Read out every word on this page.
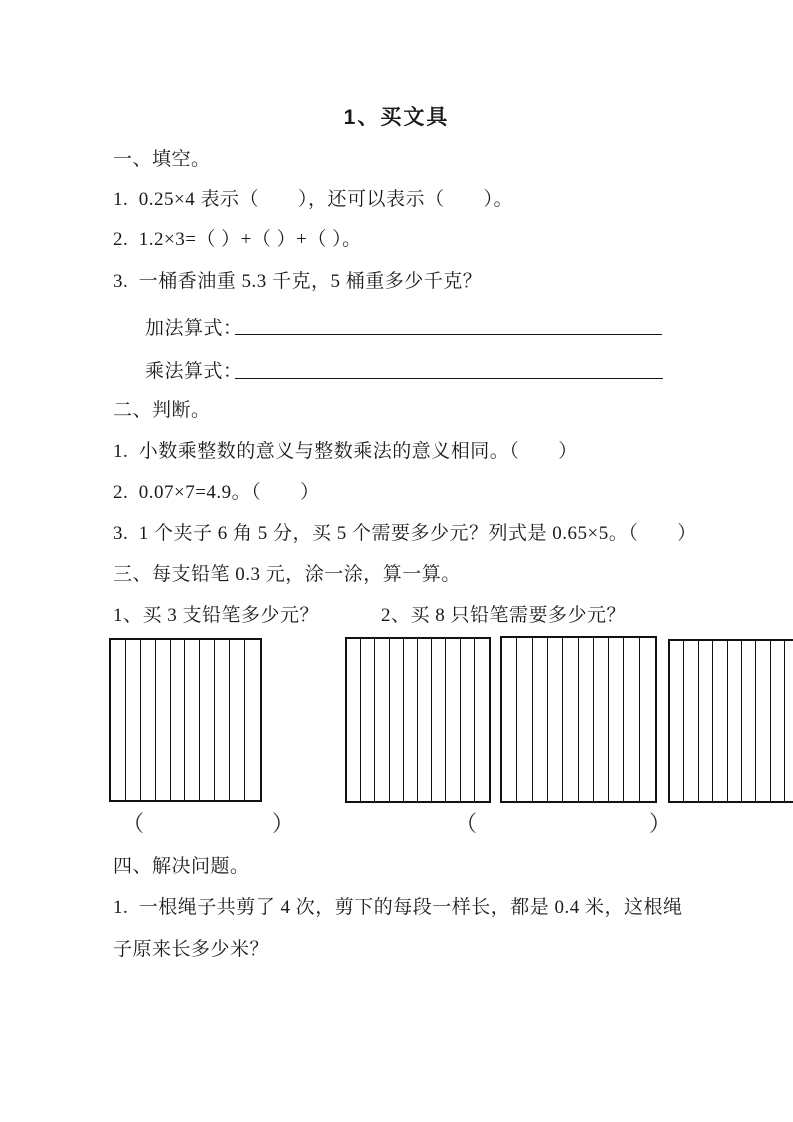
1、买文具
一、填空。
1.  0.25×4 表示（　　），还可以表示（　　）。
2.  1.2×3=（ ）+（ ）+（ ）。
3.  一桶香油重 5.3 千克，5 桶重多少千克？
加法算式：
乘法算式：
二、判断。
1.  小数乘整数的意义与整数乘法的意义相同。（　　）
2.  0.07×7=4.9。（　　）
3.  1 个夹子 6 角 5 分，买 5 个需要多少元？列式是 0.65×5。（　　）
三、每支铅笔 0.3 元，涂一涂，算一算。
1、买 3 支铅笔多少元？	2、买 8 只铅笔需要多少元？
（	）	（	）
四、解决问题。
1.  一根绳子共剪了 4 次，剪下的每段一样长，都是 0.4 米，这根绳
子原来长多少米？
